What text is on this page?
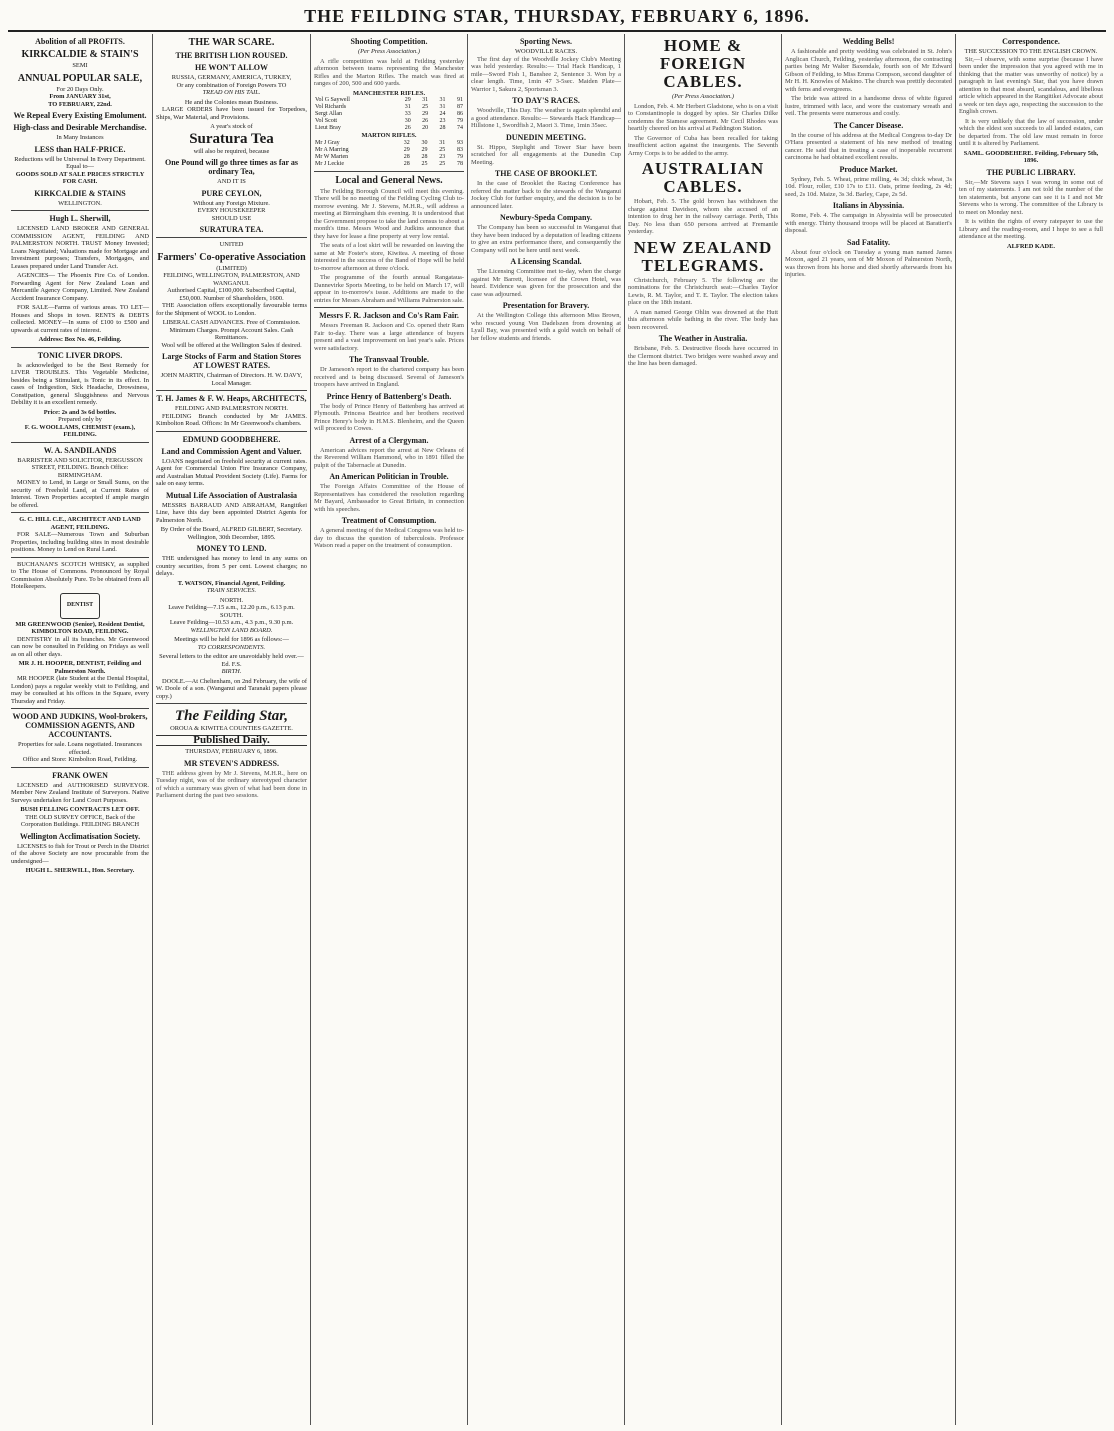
THE FEILDING STAR, THURSDAY, FEBRUARY 6, 1896.
Abolition of all PROFITS.
KIRKCALDIE & STAIN'S
SEMI
ANNUAL POPULAR SALE,
For 20 Days Only.
From JANUARY 31st,
TO FEBRUARY, 22nd.
We Repeal Every Existing Emolument.
High-class and Desirable Merchandise.
In Many Instances
LESS than HALF-PRICE.
Reductions will be Universal In Every Department.
Equal to—
GOODS SOLD AT SALE PRICES STRICTLY FOR CASH.
KIRKCALDIE & STAINS
WELLINGTON.
Hugh L. Sherwill,

LICENSED LAND BROKER AND GENERAL COMMISSION AGENT, FEILDING AND PALMERSTON NORTH. TRUST Money Invested; Loans Negotiated; Valuations made for Mortgage and Investment purposes; Transfers, Mortgages, and Leases prepared under Land Transfer Act.

AGENCIES— The Phoenix Fire Co. of London. Forwarding Agent for New Zealand Loan and Mercantile Agency Company, Limited. New Zealand Accident Insurance Company.

FOR SALE—Farms of various areas. TO LET—Houses and Shops in town. RENTS & DEBTS collected. MONEY—In sums of £100 to £500 and upwards at current rates of interest.

Address: Box No. 46, Feilding.
TONIC LIVER DROPS.

Is acknowledged to be the Best Remedy for LIVER TROUBLES. This Vegetable Medicine, besides being a Stimulant, is Tonic in its effect. In cases of Indigestion, Sick Headache, Drowsiness, Constipation, general Sluggishness and Nervous Debility it is an excellent remedy.

Price: 2s and 3s 6d bottles.
Prepared only by
F. G. WOOLLAMS, CHEMIST (exam.), FEILDING.
W. A. SANDILANDS
BARRISTER AND SOLICITOR, FERGUSSON STREET, FEILDING. Branch Office: BIRMINGHAM.

MONEY to Lend, in Large or Small Sums, on the security of Freehold Land, at Current Rates of Interest. Town Properties accepted if ample margin be offered.

G. C. HILL C.E., ARCHITECT AND LAND AGENT, FEILDING.

FOR SALE—Numerous Town and Suburban Properties, including building sites in most desirable positions. Money to Lend on Rural Land.

BUCHANAN'S SCOTCH WHISKY, as supplied to The House of Commons. Pronounced by Royal Commission Absolutely Pure. To be obtained from all Hotelkeepers.

DENTIST
MR GREENWOOD (Senior), Resident Dentist, KIMBOLTON ROAD, FEILDING.

DENTISTRY in all its branches. Mr Greenwood can now be consulted in Feilding on Fridays as well as on all other days.

MR J. H. HOOPER, DENTIST, Feilding and Palmerston North.

MR HOOPER (late Student at the Dental Hospital, London) pays a regular weekly visit to Feilding, and may be consulted at his offices in the Square, every Thursday and Friday.

WOOD AND JUDKINS, Wool-brokers, COMMISSION AGENTS, AND ACCOUNTANTS.
Properties for sale. Loans negotiated. Insurances effected.
Office and Store: Kimbolton Road, Feilding.
FRANK OWEN

LICENSED and AUTHORISED SURVEYOR. Member New Zealand Institute of Surveyors. Native Surveys undertaken for Land Court Purposes.

BUSH FELLING CONTRACTS LET OFF.
THE OLD SURVEY OFFICE, Back of the Corporation Buildings. FEILDING BRANCH
Wellington Acclimatisation Society.

LICENSES to fish for Trout or Perch in the District of the above Society are now procurable from the undersigned—

HUGH L. SHERWILL, Hon. Secretary.
THE WAR SCARE.
THE BRITISH LION ROUSED.
HE WON'T ALLOW
RUSSIA, GERMANY, AMERICA, TURKEY,
Or any combination of Foreign Powers TO
TREAD ON HIS TAIL.
He and the Colonies mean Business.

LARGE ORDERS have been issued for Torpedoes, Ships, War Material, and Provisions.

A year's stock of
Suratura Tea
will also be required, because
One Pound will go three times as far as ordinary Tea,
AND IT IS
PURE CEYLON,
Without any Foreign Mixture.
EVERY HOUSEKEEPER
SHOULD USE
SURATURA TEA.
UNITED
Farmers' Co-operative Association
(LIMITED)
FEILDING, WELLINGTON, PALMERSTON, AND WANGANUI.
Authorised Capital, £100,000. Subscribed Capital, £50,000. Number of Shareholders, 1600.

THE Association offers exceptionally favourable terms for the Shipment of WOOL to London.

LIBERAL CASH ADVANCES. Free of Commission. Minimum Charges. Prompt Account Sales. Cash Remittances.
Wool will be offered at the Wellington Sales if desired.
Large Stocks of Farm and Station Stores AT LOWEST RATES.
JOHN MARTIN, Chairman of Directors. H. W. DAVY, Local Manager.
T. H. James & F. W. Heaps, ARCHITECTS,
FEILDING AND PALMERSTON NORTH.

FEILDING Branch conducted by Mr JAMES. Kimbolton Road. Offices: In Mr Greenwood's chambers.

EDMUND GOODBEHERE.
Land and Commission Agent and Valuer.

LOANS negotiated on freehold security at current rates. Agent for Commercial Union Fire Insurance Company, and Australian Mutual Provident Society (Life). Farms for sale on easy terms.

Mutual Life Association of Australasia

MESSRS BARRAUD AND ABRAHAM, Rangitikei Line, have this day been appointed District Agents for Palmerston North.

By Order of the Board, ALFRED GILBERT, Secretary.
Wellington, 30th December, 1895.
MONEY TO LEND.

THE undersigned has money to lend in any sums on country securities, from 5 per cent. Lowest charges; no delays.

T. WATSON, Financial Agent, Feilding.
TRAIN SERVICES.
NORTH.
Leave Feilding—7.15 a.m., 12.20 p.m., 6.13 p.m.
SOUTH.
Leave Feilding—10.53 a.m., 4.3 p.m., 9.30 p.m.
WELLINGTON LAND BOARD.
Meetings will be held for 1896 as follows:—
TO CORRESPONDENTS.
Several letters to the editor are unavoidably held over.—Ed. F.S.
BIRTH.

DOOLE.—At Cheltenham, on 2nd February, the wife of W. Doole of a son. (Wanganui and Taranaki papers please copy.)

The Feilding Star,
OROUA & KIWITEA COUNTIES GAZETTE.
Published Daily.
THURSDAY, FEBRUARY 6, 1896.
MR STEVEN'S ADDRESS.

THE address given by Mr J. Stevens, M.H.R., here on Tuesday night, was of the ordinary stereotyped character of which a summary was given of what had been done in Parliament during the past two sessions.

Shooting Competition.
(Per Press Association.)

A rifle competition was held at Feilding yesterday afternoon between teams representing the Manchester Rifles and the Marton Rifles. The match was fired at ranges of 200, 500 and 600 yards.

MANCHESTER RIFLES.
Vol G Saywell	29	31	31	91
Vol Richards	31	25	31	87
Sergt Allan	33	29	24	86
Vol Scott	30	26	23	79
Lieut Bray	26	20	28	74
MARTON RIFLES.
Mr J Gray	32	30	31	93
Mr A Marring	29	29	25	83
Mr W Marten	28	28	23	79
Mr J Leckie	28	25	25	78
Local and General News.

The Feilding Borough Council will meet this evening. There will be no meeting of the Feilding Cycling Club to-morrow evening. Mr J. Stevens, M.H.R., will address a meeting at Birmingham this evening. It is understood that the Government propose to take the land census to about a month's time. Messrs Wood and Judkins announce that they have for lease a fine property at very low rental.

The seats of a lost skirt will be rewarded on leaving the same at Mr Foster's store, Kiwitea. A meeting of those interested in the success of the Band of Hope will be held to-morrow afternoon at three o'clock.

The programme of the fourth annual Rangataua-Dannevirke Sports Meeting, to be held on March 17, will appear in to-morrow's issue. Additions are made to the entries for Messrs Abraham and Williams Palmerston sale.

Messrs F. R. Jackson and Co's Ram Fair.

Messrs Freeman R. Jackson and Co. opened their Ram Fair to-day. There was a large attendance of buyers present and a vast improvement on last year's sale. Prices were satisfactory.

The Transvaal Trouble.

Dr Jameson's report to the chartered company has been received and is being discussed. Several of Jameson's troopers have arrived in England.

Prince Henry of Battenberg's Death.

The body of Prince Henry of Battenberg has arrived at Plymouth. Princess Beatrice and her brothers received Prince Henry's body in H.M.S. Blenheim, and the Queen will proceed to Cowes.

Arrest of a Clergyman.

American advices report the arrest at New Orleans of the Reverend William Hammond, who in 1891 filled the pulpit of the Tabernacle at Dunedin.

An American Politician in Trouble.

The Foreign Affairs Committee of the House of Representatives has considered the resolution regarding Mr Bayard, Ambassador to Great Britain, in connection with his speeches.

Treatment of Consumption.

A general meeting of the Medical Congress was held to-day to discuss the question of tuberculosis. Professor Watson read a paper on the treatment of consumption.

Sporting News.
WOODVILLE RACES.

The first day of the Woodville Jockey Club's Meeting was held yesterday. Results:— Trial Hack Handicap, 1 mile—Sword Fish 1, Banshee 2, Sentence 3. Won by a clear length. Time, 1min 47 3-5sec. Maiden Plate—Warrior 1, Sakura 2, Sportsman 3.

TO DAY'S RACES.

Woodville, This Day. The weather is again splendid and a good attendance. Results:— Stewards Hack Handicap—Hillstone 1, Swordfish 2, Maori 3. Time, 1min 35sec.

DUNEDIN MEETING.

St. Hippo, Steplight and Tower Star have been scratched for all engagements at the Dunedin Cup Meeting.

THE CASE OF BROOKLET.

In the case of Brooklet the Racing Conference has referred the matter back to the stewards of the Wanganui Jockey Club for further enquiry, and the decision is to be announced later.

Newbury-Speda Company.

The Company has been so successful in Wanganui that they have been induced by a deputation of leading citizens to give an extra performance there, and consequently the Company will not be here until next week.

A Licensing Scandal.

The Licensing Committee met to-day, when the charge against Mr Barrett, licensee of the Crown Hotel, was heard. Evidence was given for the prosecution and the case was adjourned.

Presentation for Bravery.

At the Wellington College this afternoon Miss Brown, who rescued young Von Dadelszen from drowning at Lyall Bay, was presented with a gold watch on behalf of her fellow students and friends.

HOME & FOREIGN CABLES.
(Per Press Association.)

London, Feb. 4. Mr Herbert Gladstone, who is on a visit to Constantinople is dogged by spies. Sir Charles Dilke condemns the Siamese agreement. Mr Cecil Rhodes was heartily cheered on his arrival at Paddington Station.

The Governor of Cuba has been recalled for taking insufficient action against the insurgents. The Seventh Army Corps is to be added to the army.

AUSTRALIAN CABLES.

Hobart, Feb. 5. The gold brown has withdrawn the charge against Davidson, whom she accused of an intention to drug her in the railway carriage. Perth, This Day. No less than 650 persons arrived at Fremantle yesterday.

NEW ZEALAND TELEGRAMS.

Christchurch, February 5. The following are the nominations for the Christchurch seat:—Charles Taylor Lewis, R. M. Taylor, and T. E. Taylor. The election takes place on the 18th instant.

A man named George Ohlin was drowned at the Hutt this afternoon while bathing in the river. The body has been recovered.

The Weather in Australia.

Brisbane, Feb. 5. Destructive floods have occurred in the Clermont district. Two bridges were washed away and the line has been damaged.

Wedding Bells!

A fashionable and pretty wedding was celebrated in St. John's Anglican Church, Feilding, yesterday afternoon, the contracting parties being Mr Walter Baxendale, fourth son of Mr Edward Gibson of Feilding, to Miss Emma Compson, second daughter of Mr H. H. Knowles of Makino. The church was prettily decorated with ferns and evergreens.

The bride was attired in a handsome dress of white figured lustre, trimmed with lace, and wore the customary wreath and veil. The presents were numerous and costly.

The Cancer Disease.

In the course of his address at the Medical Congress to-day Dr O'Hara presented a statement of his new method of treating cancer. He said that in treating a case of inoperable recurrent carcinoma he had obtained excellent results.

Produce Market.

Sydney, Feb. 5. Wheat, prime milling, 4s 3d; chick wheat, 3s 10d. Flour, roller, £10 17s to £11. Oats, prime feeding, 2s 4d; seed, 2s 10d. Maize, 3s 3d. Barley, Cape, 2s 5d.

Italians in Abyssinia.

Rome, Feb. 4. The campaign in Abyssinia will be prosecuted with energy. Thirty thousand troops will be placed at Baratieri's disposal.

Sad Fatality.

About four o'clock on Tuesday a young man named James Moxon, aged 21 years, son of Mr Moxon of Palmerston North, was thrown from his horse and died shortly afterwards from his injuries.

Correspondence.
THE SUCCESSION TO THE ENGLISH CROWN.

Sir,—I observe, with some surprise (because I have been under the impression that you agreed with me in thinking that the matter was unworthy of notice) by a paragraph in last evening's Star, that you have drawn attention to that most absurd, scandalous, and libellous article which appeared in the Rangitikei Advocate about a week or ten days ago, respecting the succession to the English crown.

It is very unlikely that the law of succession, under which the eldest son succeeds to all landed estates, can be departed from. The old law must remain in force until it is altered by Parliament.

SAML. GOODBEHERE. Feilding, February 5th, 1896.
THE PUBLIC LIBRARY.

Sir,—Mr Stevens says I was wrong in some out of ten of my statements. I am not told the number of the ten statements, but anyone can see it is I and not Mr Stevens who is wrong. The committee of the Library is to meet on Monday next.

It is within the rights of every ratepayer to use the Library and the reading-room, and I hope to see a full attendance at the meeting.

ALFRED KADE.
